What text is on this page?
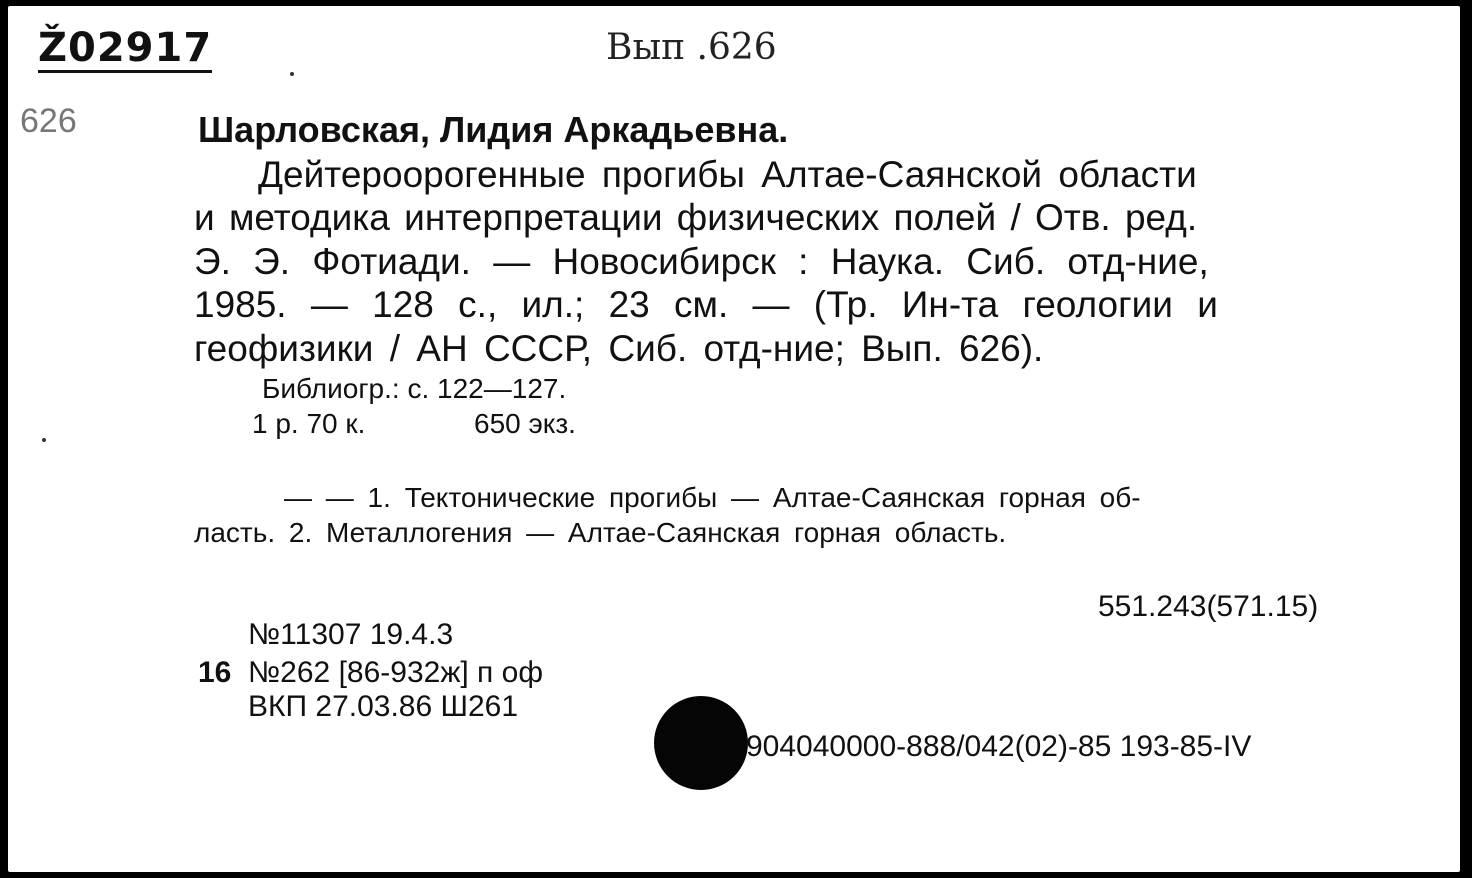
Ž02917	Вып .626
626	Шарловская, Лидия Аркадьевна.
Дейтероорогенные прогибы Алтае-Саянской области
и методика интерпретации физических полей / Отв. ред.
Э. Э. Фотиади. — Новосибирск : Наука. Сиб. отд-ние,
1985. — 128 с., ил.; 23 см. — (Тр. Ин-та геологии и
геофизики / АН СССР, Сиб. отд-ние; Вып. 626).
Библиогр.: с. 122—127.
1 р. 70 к.	650 экз.
— — 1. Тектонические прогибы — Алтае-Саянская горная об-
ласть. 2. Металлогения — Алтае-Саянская горная область.
551.243(571.15)
№11307 19.4.3
16 №262 [86-932ж] п оф
ВКП 27.03.86 Ш261
904040000-888/042(02)-85 193-85-IV
